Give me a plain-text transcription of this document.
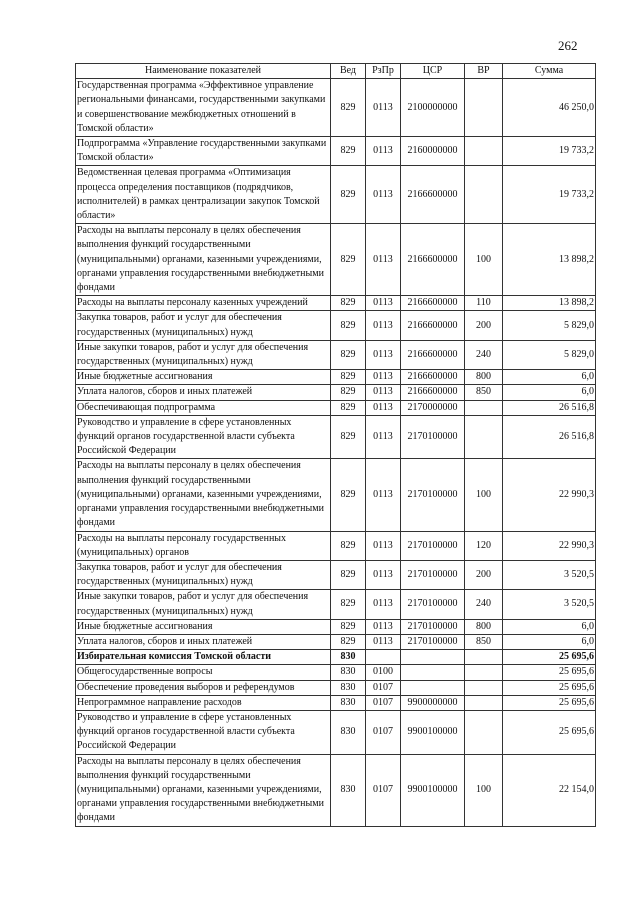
262
Наименование показателей	Вед	РзПр	ЦСР	ВР	Сумма
Государственная программа «Эффективное управление региональными финансами, государственными закупками и совершенствование межбюджетных отношений в Томской области»	829	0113	2100000000		46 250,0
Подпрограмма «Управление государственными закупками Томской области»	829	0113	2160000000		19 733,2
Ведомственная целевая программа «Оптимизация процесса определения поставщиков (подрядчиков, исполнителей) в рамках централизации закупок Томской области»	829	0113	2166600000		19 733,2
Расходы на выплаты персоналу в целях обеспечения выполнения функций государственными (муниципальными) органами, казенными учреждениями, органами управления государственными внебюджетными фондами	829	0113	2166600000	100	13 898,2
Расходы на выплаты персоналу казенных учреждений	829	0113	2166600000	110	13 898,2
Закупка товаров, работ и услуг для обеспечения государственных (муниципальных) нужд	829	0113	2166600000	200	5 829,0
Иные закупки товаров, работ и услуг для обеспечения государственных (муниципальных) нужд	829	0113	2166600000	240	5 829,0
Иные бюджетные ассигнования	829	0113	2166600000	800	6,0
Уплата налогов, сборов и иных платежей	829	0113	2166600000	850	6,0
Обеспечивающая подпрограмма	829	0113	2170000000		26 516,8
Руководство и управление в сфере установленных функций органов государственной власти субъекта Российской Федерации	829	0113	2170100000		26 516,8
Расходы на выплаты персоналу в целях обеспечения выполнения функций государственными (муниципальными) органами, казенными учреждениями, органами управления государственными внебюджетными фондами	829	0113	2170100000	100	22 990,3
Расходы на выплаты персоналу государственных (муниципальных) органов	829	0113	2170100000	120	22 990,3
Закупка товаров, работ и услуг для обеспечения государственных (муниципальных) нужд	829	0113	2170100000	200	3 520,5
Иные закупки товаров, работ и услуг для обеспечения государственных (муниципальных) нужд	829	0113	2170100000	240	3 520,5
Иные бюджетные ассигнования	829	0113	2170100000	800	6,0
Уплата налогов, сборов и иных платежей	829	0113	2170100000	850	6,0
Избирательная комиссия Томской области	830				25 695,6
Общегосударственные вопросы	830	0100			25 695,6
Обеспечение проведения выборов и референдумов	830	0107			25 695,6
Непрограммное направление расходов	830	0107	9900000000		25 695,6
Руководство и управление в сфере установленных функций органов государственной власти субъекта Российской Федерации	830	0107	9900100000		25 695,6
Расходы на выплаты персоналу в целях обеспечения выполнения функций государственными (муниципальными) органами, казенными учреждениями, органами управления государственными внебюджетными фондами	830	0107	9900100000	100	22 154,0
